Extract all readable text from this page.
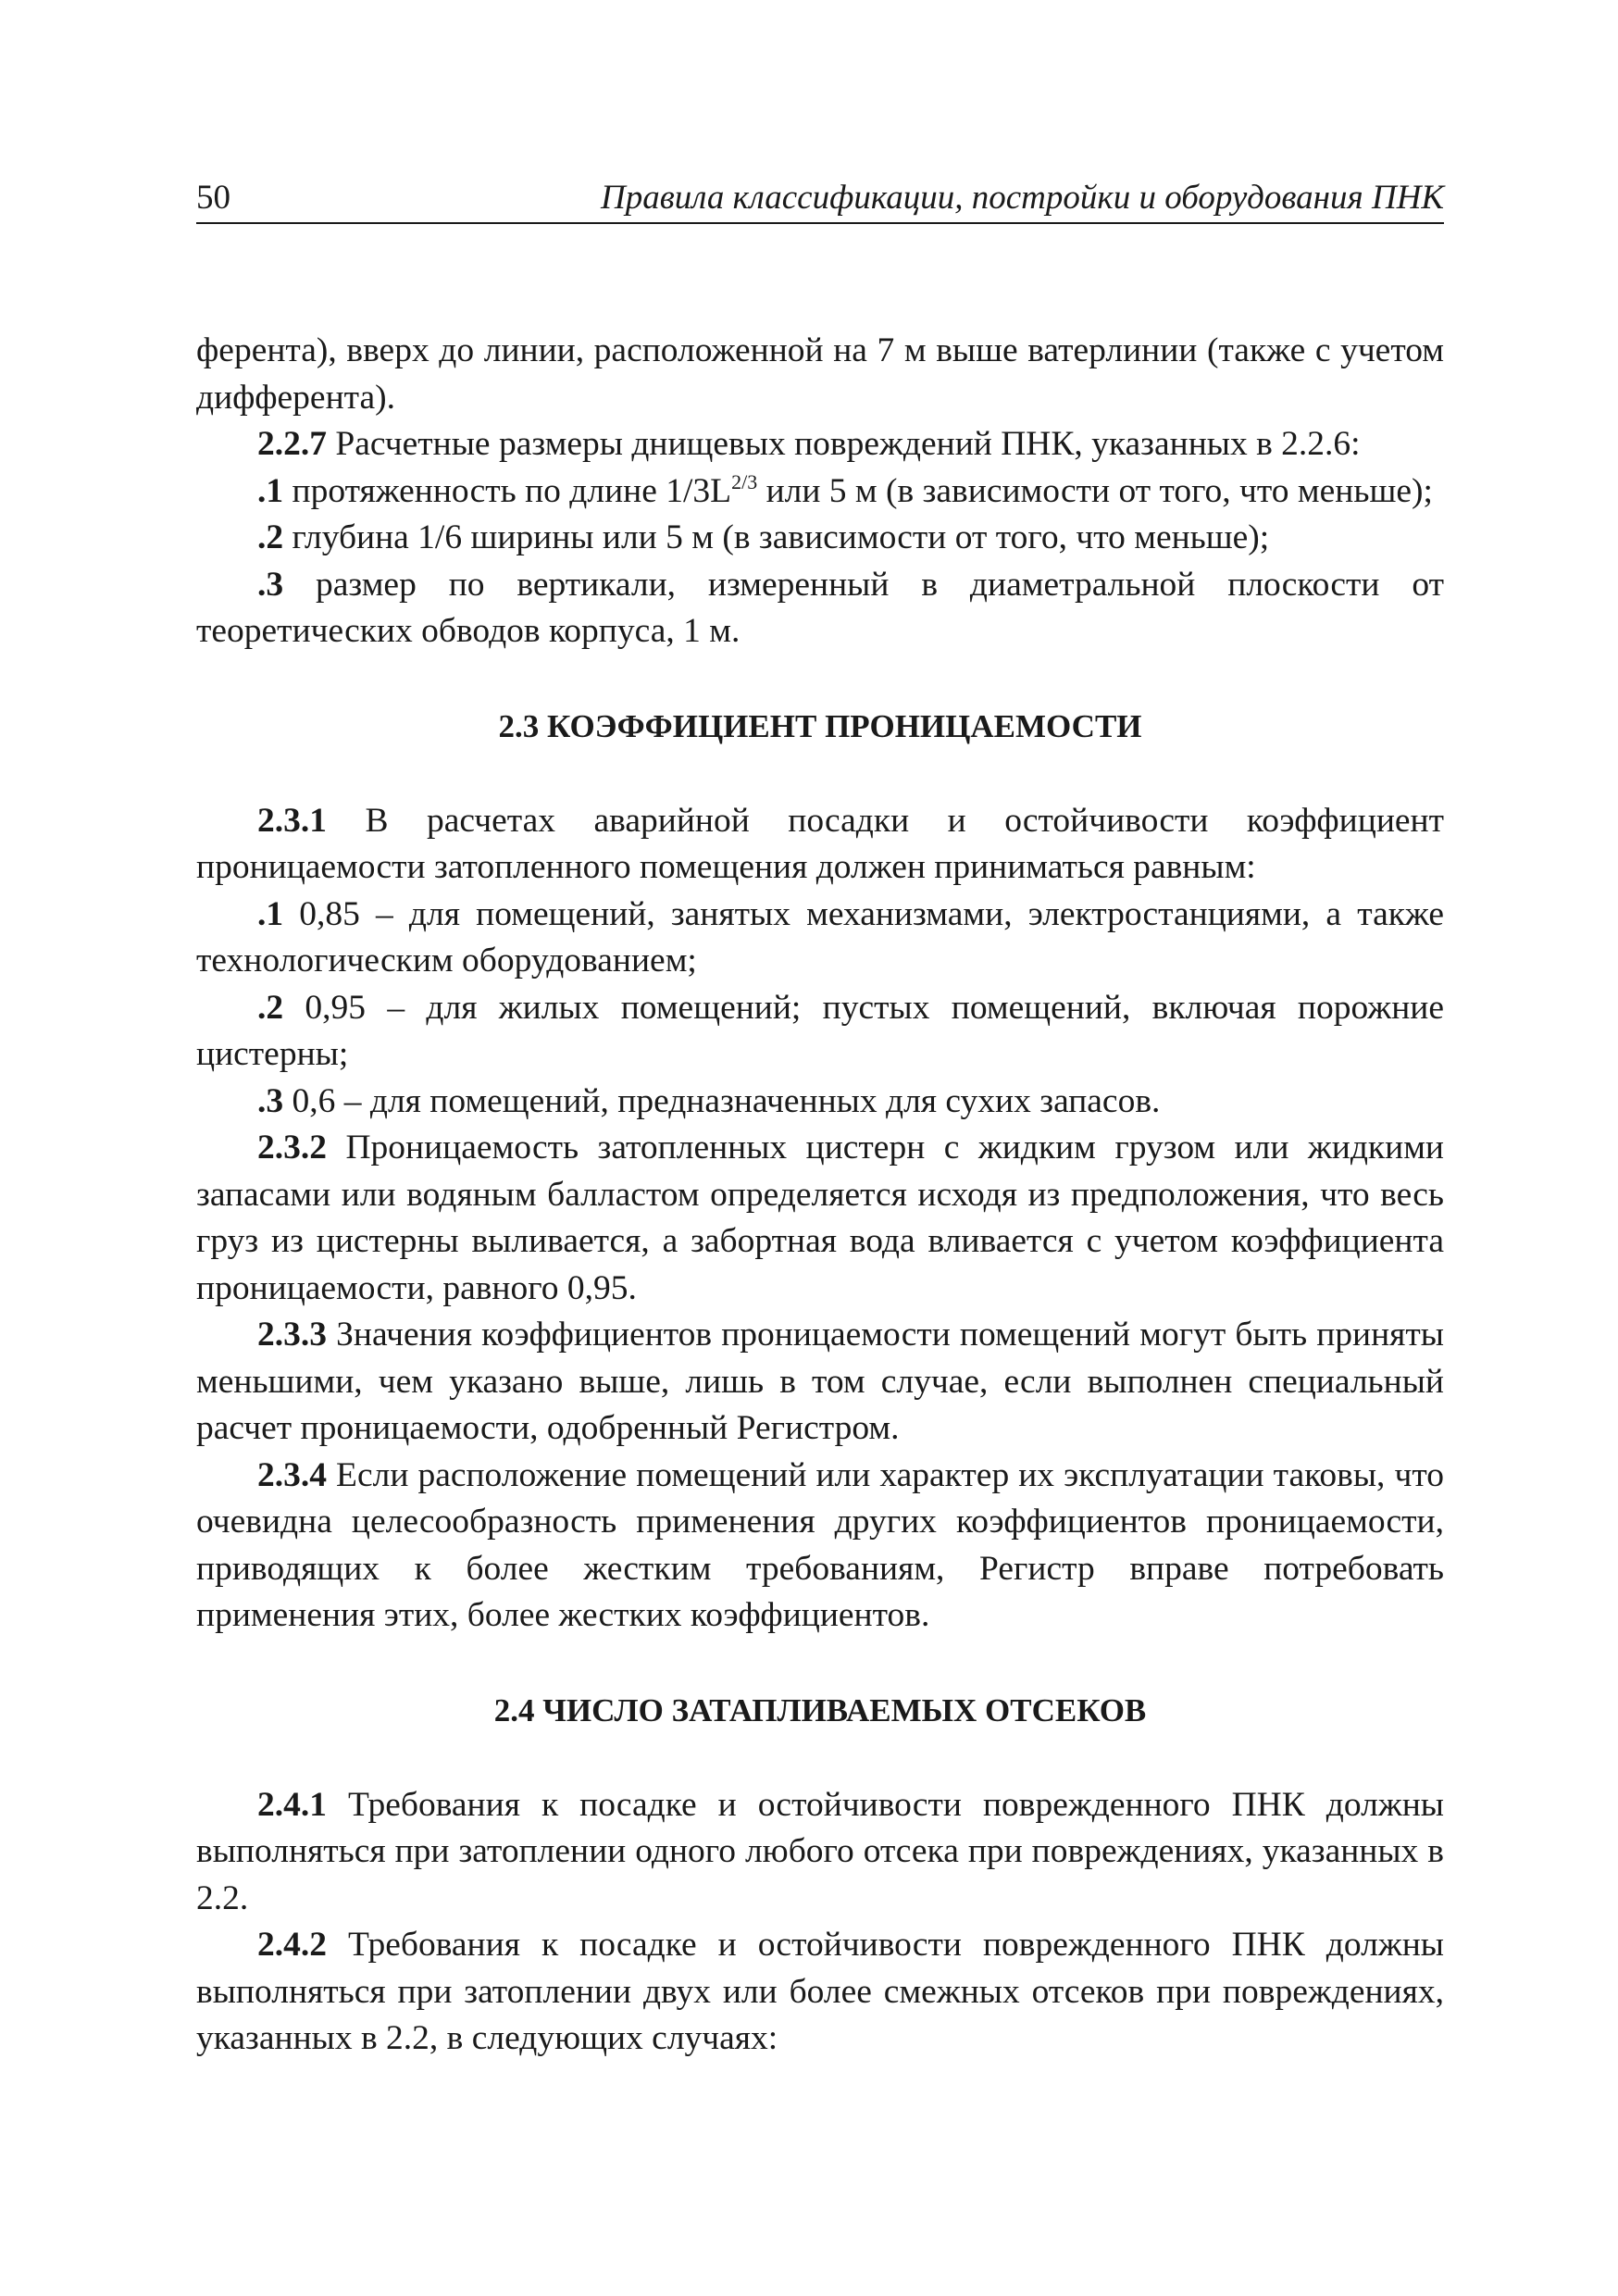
50	Правила классификации, постройки и оборудования ПНК

ферента), вверх до линии, расположенной на 7 м выше ватерлинии (также с учетом дифферента).

2.2.7 Расчетные размеры днищевых повреждений ПНК, указанных в 2.2.6:

.1 протяженность по длине $1/3L^{2/3}$ или 5 м (в зависимости от того, что меньше);

.2 глубина 1/6 ширины или 5 м (в зависимости от того, что меньше);

.3 размер по вертикали, измеренный в диаметральной плоскости от теоретических обводов корпуса, 1 м.

2.3 КОЭФФИЦИЕНТ ПРОНИЦАЕМОСТИ

2.3.1 В расчетах аварийной посадки и остойчивости коэффициент проницаемости затопленного помещения должен приниматься равным:

.1 0,85 – для помещений, занятых механизмами, электростанциями, а также технологическим оборудованием;

.2 0,95 – для жилых помещений; пустых помещений, включая порожние цистерны;

.3 0,6 – для помещений, предназначенных для сухих запасов.

2.3.2 Проницаемость затопленных цистерн с жидким грузом или жидкими запасами или водяным балластом определяется исходя из предположения, что весь груз из цистерны выливается, а забортная вода вливается с учетом коэффициента проницаемости, равного 0,95.

2.3.3 Значения коэффициентов проницаемости помещений могут быть приняты меньшими, чем указано выше, лишь в том случае, если выполнен специальный расчет проницаемости, одобренный Регистром.

2.3.4 Если расположение помещений или характер их эксплуатации таковы, что очевидна целесообразность применения других коэффициентов проницаемости, приводящих к более жестким требованиям, Регистр вправе потребовать применения этих, более жестких коэффициентов.

2.4 ЧИСЛО ЗАТАПЛИВАЕМЫХ ОТСЕКОВ

2.4.1 Требования к посадке и остойчивости поврежденного ПНК должны выполняться при затоплении одного любого отсека при повреждениях, указанных в 2.2.

2.4.2 Требования к посадке и остойчивости поврежденного ПНК должны выполняться при затоплении двух или более смежных отсеков при повреждениях, указанных в 2.2, в следующих случаях:
